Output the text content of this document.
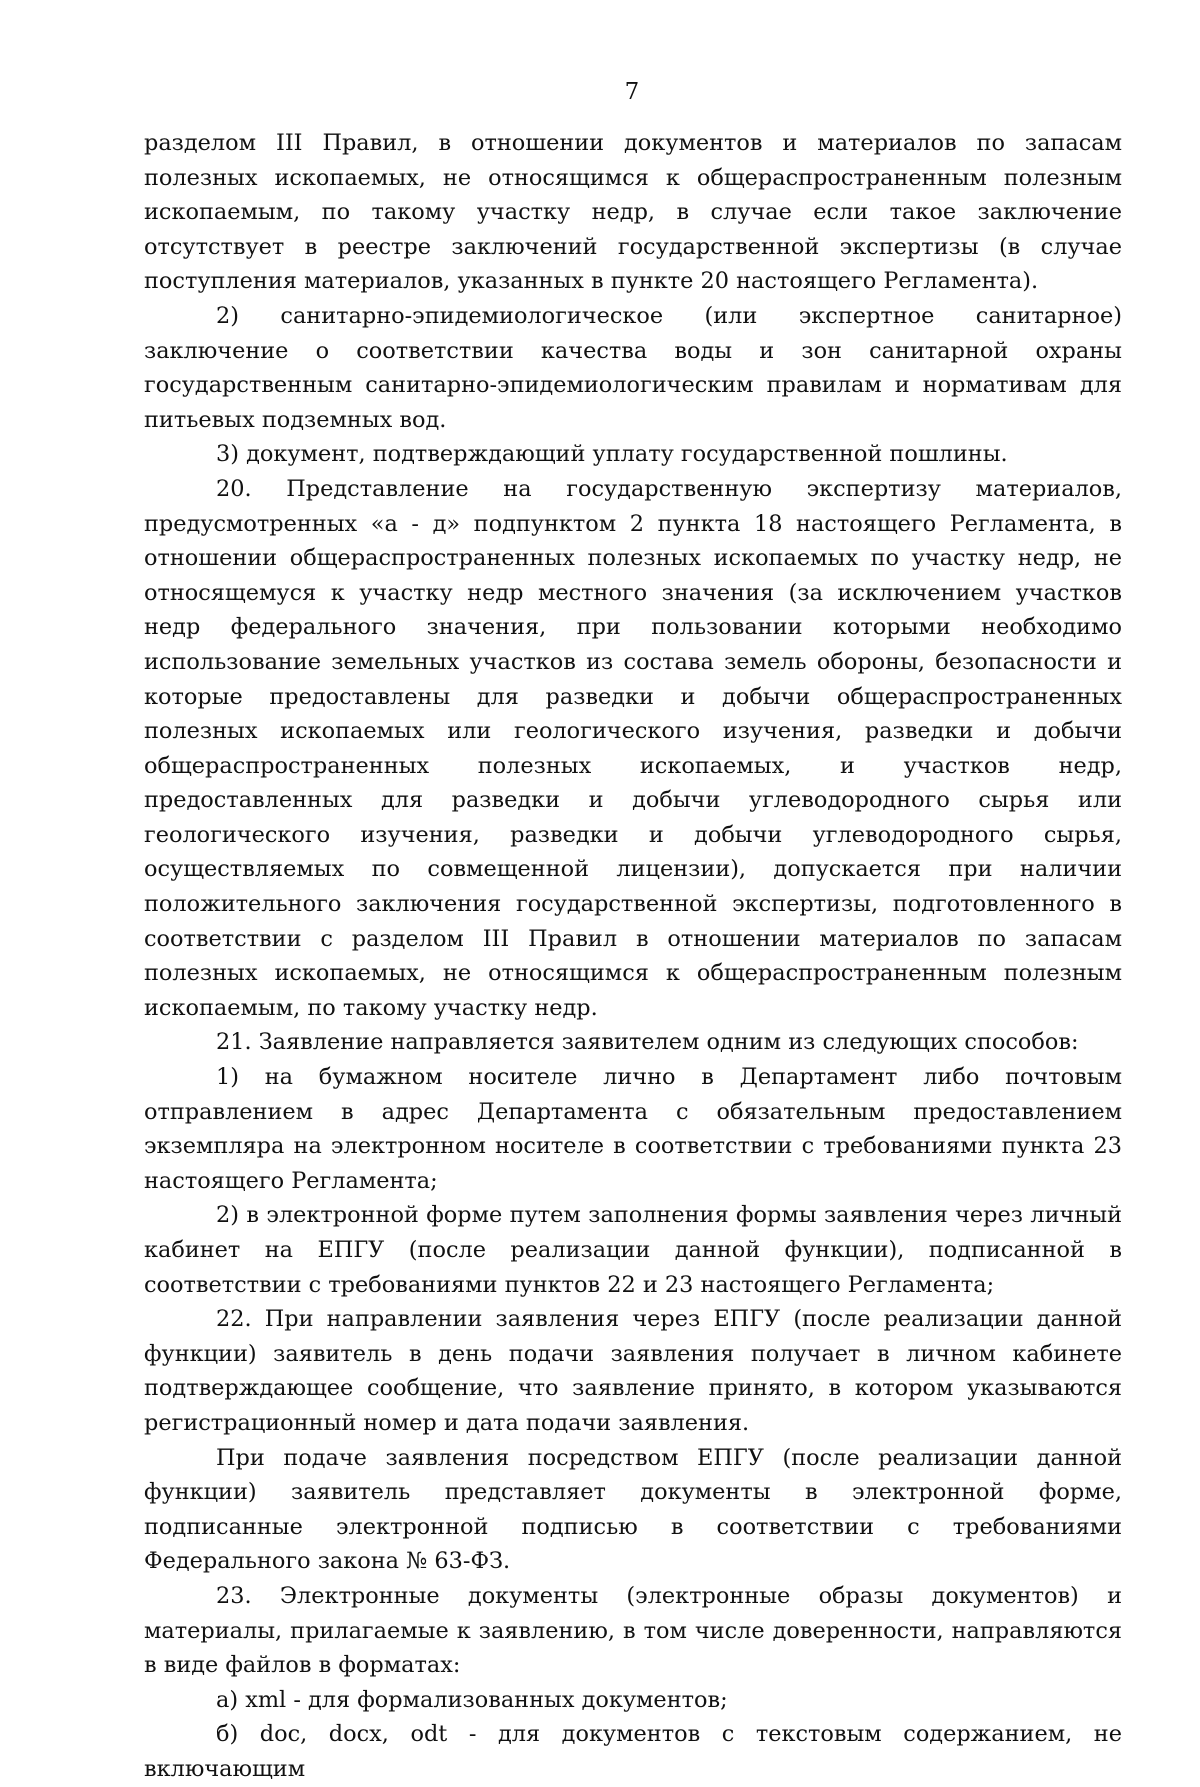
7

разделом III Правил, в отношении документов и материалов по запасам полезных ископаемых, не относящимся к общераспространенным полезным ископаемым, по такому участку недр, в случае если такое заключение отсутствует в реестре заключений государственной экспертизы (в случае поступления материалов, указанных в пункте 20 настоящего Регламента).

2) санитарно-эпидемиологическое (или экспертное санитарное) заключение о соответствии качества воды и зон санитарной охраны государственным санитарно-эпидемиологическим правилам и нормативам для питьевых подземных вод.

3) документ, подтверждающий уплату государственной пошлины.

20. Представление на государственную экспертизу материалов, предусмотренных «а - д» подпунктом 2 пункта 18 настоящего Регламента, в отношении общераспространенных полезных ископаемых по участку недр, не относящемуся к участку недр местного значения (за исключением участков недр федерального значения, при пользовании которыми необходимо использование земельных участков из состава земель обороны, безопасности и которые предоставлены для разведки и добычи общераспространенных полезных ископаемых или геологического изучения, разведки и добычи общераспространенных полезных ископаемых, и участков недр, предоставленных для разведки и добычи углеводородного сырья или геологического изучения, разведки и добычи углеводородного сырья, осуществляемых по совмещенной лицензии), допускается при наличии положительного заключения государственной экспертизы, подготовленного в соответствии с разделом III Правил в отношении материалов по запасам полезных ископаемых, не относящимся к общераспространенным полезным ископаемым, по такому участку недр.

21. Заявление направляется заявителем одним из следующих способов:

1) на бумажном носителе лично в Департамент либо почтовым отправлением в адрес Департамента с обязательным предоставлением экземпляра на электронном носителе в соответствии с требованиями пункта 23 настоящего Регламента;

2) в электронной форме путем заполнения формы заявления через личный кабинет на ЕПГУ (после реализации данной функции), подписанной в соответствии с требованиями пунктов 22 и 23 настоящего Регламента;

22. При направлении заявления через ЕПГУ (после реализации данной функции) заявитель в день подачи заявления получает в личном кабинете подтверждающее сообщение, что заявление принято, в котором указываются регистрационный номер и дата подачи заявления.

При подаче заявления посредством ЕПГУ (после реализации данной функции) заявитель представляет документы в электронной форме, подписанные электронной подписью в соответствии с требованиями Федерального закона № 63-ФЗ.

23. Электронные документы (электронные образы документов) и материалы, прилагаемые к заявлению, в том числе доверенности, направляются в виде файлов в форматах:

а) xml - для формализованных документов;

б) doc, docx, odt - для документов с текстовым содержанием, не включающим
